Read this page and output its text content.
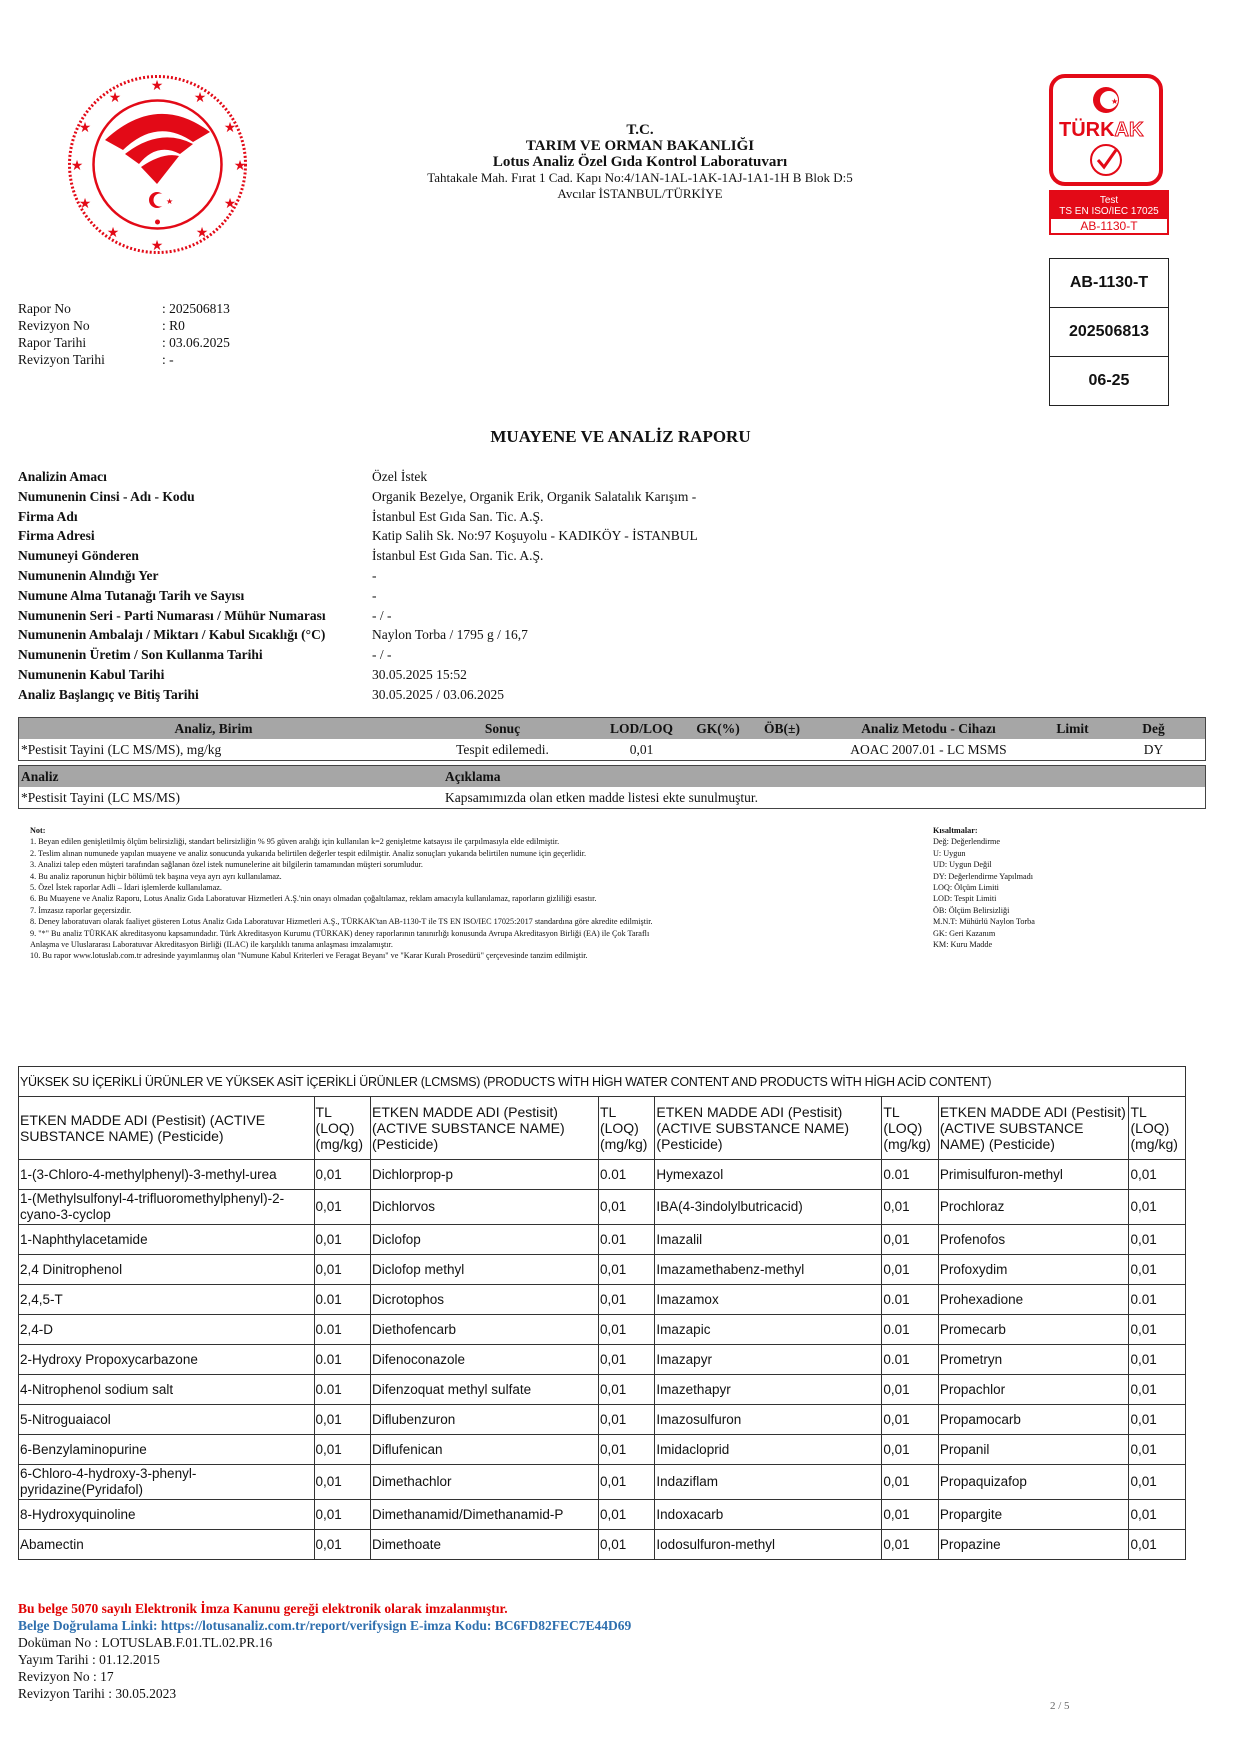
★
★
★
★
★
★
★
★
★
★
★
★
★
T.C.
TARIM VE ORMAN BAKANLIĞI
Lotus Analiz Özel Gıda Kontrol Laboratuvarı
Tahtakale Mah. Fırat 1 Cad. Kapı No:4/1AN-1AL-1AK-1AJ-1A1-1H B Blok D:5
Avcılar İSTANBUL/TÜRKİYE
★
TÜRKAK
Test
TS EN ISO/IEC 17025
AB-1130-T
AB-1130-T
202506813
06-25
Rapor No	: 202506813
Revizyon No	: R0
Rapor Tarihi	: 03.06.2025
Revizyon Tarihi	: -
MUAYENE VE ANALİZ RAPORU
Analizin Amacı	Özel İstek
Numunenin Cinsi - Adı - Kodu	Organik Bezelye, Organik Erik, Organik Salatalık Karışım -
Firma Adı	İstanbul Est Gıda San. Tic. A.Ş.
Firma Adresi	Katip Salih Sk. No:97 Koşuyolu - KADIKÖY - İSTANBUL
Numuneyi Gönderen	İstanbul Est Gıda San. Tic. A.Ş.
Numunenin Alındığı Yer	-
Numune Alma Tutanağı Tarih ve Sayısı	-
Numunenin Seri - Parti Numarası / Mühür Numarası	- / -
Numunenin Ambalajı / Miktarı / Kabul Sıcaklığı (°C)	Naylon Torba / 1795 g / 16,7
Numunenin Üretim / Son Kullanma Tarihi	- / -
Numunenin Kabul Tarihi	30.05.2025 15:52
Analiz Başlangıç ve Bitiş Tarihi	30.05.2025 / 03.06.2025
Analiz, Birim	Sonuç	LOD/LOQ	GK(%)	ÖB(±)	Analiz Metodu - Cihazı	Limit	Değ
*Pestisit Tayini (LC MS/MS), mg/kg	Tespit edilemedi.	0,01			AOAC 2007.01 - LC MSMS		DY
Analiz	Açıklama
*Pestisit Tayini (LC MS/MS)	Kapsamımızda olan etken madde listesi ekte sunulmuştur.
Not:
1. Beyan edilen genişletilmiş ölçüm belirsizliği, standart belirsizliğin % 95 güven aralığı için kullanılan k=2 genişletme katsayısı ile çarpılmasıyla elde edilmiştir.
2. Teslim alınan numunede yapılan muayene ve analiz sonucunda yukarıda belirtilen değerler tespit edilmiştir. Analiz sonuçları yukarıda belirtilen numune için geçerlidir.
3. Analizi talep eden müşteri tarafından sağlanan özel istek numunelerine ait bilgilerin tamamından müşteri sorumludur.
4. Bu analiz raporunun hiçbir bölümü tek başına veya ayrı ayrı kullanılamaz.
5. Özel İstek raporlar Adli – İdari işlemlerde kullanılamaz.
6. Bu Muayene ve Analiz Raporu, Lotus Analiz Gıda Laboratuvar Hizmetleri A.Ş.'nin onayı olmadan çoğaltılamaz, reklam amacıyla kullanılamaz, raporların gizliliği esastır.
7. İmzasız raporlar geçersizdir.
8. Deney laboratuvarı olarak faaliyet gösteren Lotus Analiz Gıda Laboratuvar Hizmetleri A.Ş., TÜRKAK'tan AB-1130-T ile TS EN ISO/IEC 17025:2017 standardına göre akredite edilmiştir.
9. "*" Bu analiz TÜRKAK akreditasyonu kapsamındadır. Türk Akreditasyon Kurumu (TÜRKAK) deney raporlarının tanınırlığı konusunda Avrupa Akreditasyon Birliği (EA) ile Çok Taraflı
Anlaşma ve Uluslararası Laboratuvar Akreditasyon Birliği (ILAC) ile karşılıklı tanıma anlaşması imzalamıştır.
10. Bu rapor www.lotuslab.com.tr adresinde yayımlanmış olan "Numune Kabul Kriterleri ve Feragat Beyanı" ve "Karar Kuralı Prosedürü" çerçevesinde tanzim edilmiştir.
Kısaltmalar:
Değ: Değerlendirme
U: Uygun
UD: Uygun Değil
DY: Değerlendirme Yapılmadı
LOQ: Ölçüm Limiti
LOD: Tespit Limiti
ÖB: Ölçüm Belirsizliği
M.N.T: Mühürlü Naylon Torba
GK: Geri Kazanım
KM: Kuru Madde
YÜKSEK SU İÇERİKLİ ÜRÜNLER VE YÜKSEK ASİT İÇERİKLİ ÜRÜNLER (LCMSMS) (PRODUCTS WİTH HİGH WATER CONTENT AND PRODUCTS WİTH HİGH ACİD CONTENT)							
ETKEN MADDE ADI (Pestisit) (ACTIVE SUBSTANCE NAME) (Pesticide)	TL (LOQ) (mg/kg)	ETKEN MADDE ADI (Pestisit) (ACTIVE SUBSTANCE NAME) (Pesticide)	TL (LOQ) (mg/kg)	ETKEN MADDE ADI (Pestisit) (ACTIVE SUBSTANCE NAME) (Pesticide)	TL (LOQ) (mg/kg)	ETKEN MADDE ADI (Pestisit) (ACTIVE SUBSTANCE NAME) (Pesticide)	TL (LOQ) (mg/kg)
1-(3-Chloro-4-methylphenyl)-3-methyl-urea	0,01	Dichlorprop-p	0.01	Hymexazol	0.01	Primisulfuron-methyl	0,01
1-(Methylsulfonyl-4-trifluoromethylphenyl)-2-cyano-3-cyclop	0,01	Dichlorvos	0,01	IBA(4-3indolylbutricacid)	0,01	Prochloraz	0,01
1-Naphthylacetamide	0,01	Diclofop	0.01	Imazalil	0,01	Profenofos	0,01
2,4 Dinitrophenol	0,01	Diclofop methyl	0,01	Imazamethabenz-methyl	0,01	Profoxydim	0,01
2,4,5-T	0.01	Dicrotophos	0,01	Imazamox	0.01	Prohexadione	0.01
2,4-D	0.01	Diethofencarb	0,01	Imazapic	0.01	Promecarb	0,01
2-Hydroxy Propoxycarbazone	0.01	Difenoconazole	0,01	Imazapyr	0.01	Prometryn	0,01
4-Nitrophenol sodium salt	0.01	Difenzoquat methyl sulfate	0,01	Imazethapyr	0,01	Propachlor	0,01
5-Nitroguaiacol	0,01	Diflubenzuron	0,01	Imazosulfuron	0,01	Propamocarb	0,01
6-Benzylaminopurine	0,01	Diflufenican	0,01	Imidacloprid	0,01	Propanil	0,01
6-Chloro-4-hydroxy-3-phenyl-pyridazine(Pyridafol)	0,01	Dimethachlor	0,01	Indaziflam	0,01	Propaquizafop	0,01
8-Hydroxyquinoline	0,01	Dimethanamid/Dimethanamid-P	0,01	Indoxacarb	0,01	Propargite	0,01
Abamectin	0,01	Dimethoate	0,01	Iodosulfuron-methyl	0,01	Propazine	0,01
Bu belge 5070 sayılı Elektronik İmza Kanunu gereği elektronik olarak imzalanmıştır.
Belge Doğrulama Linki: https://lotusanaliz.com.tr/report/verifysign E-imza Kodu: BC6FD82FEC7E44D69
Doküman No : LOTUSLAB.F.01.TL.02.PR.16
Yayım Tarihi : 01.12.2015
Revizyon No : 17
Revizyon Tarihi : 30.05.2023
2 / 5
